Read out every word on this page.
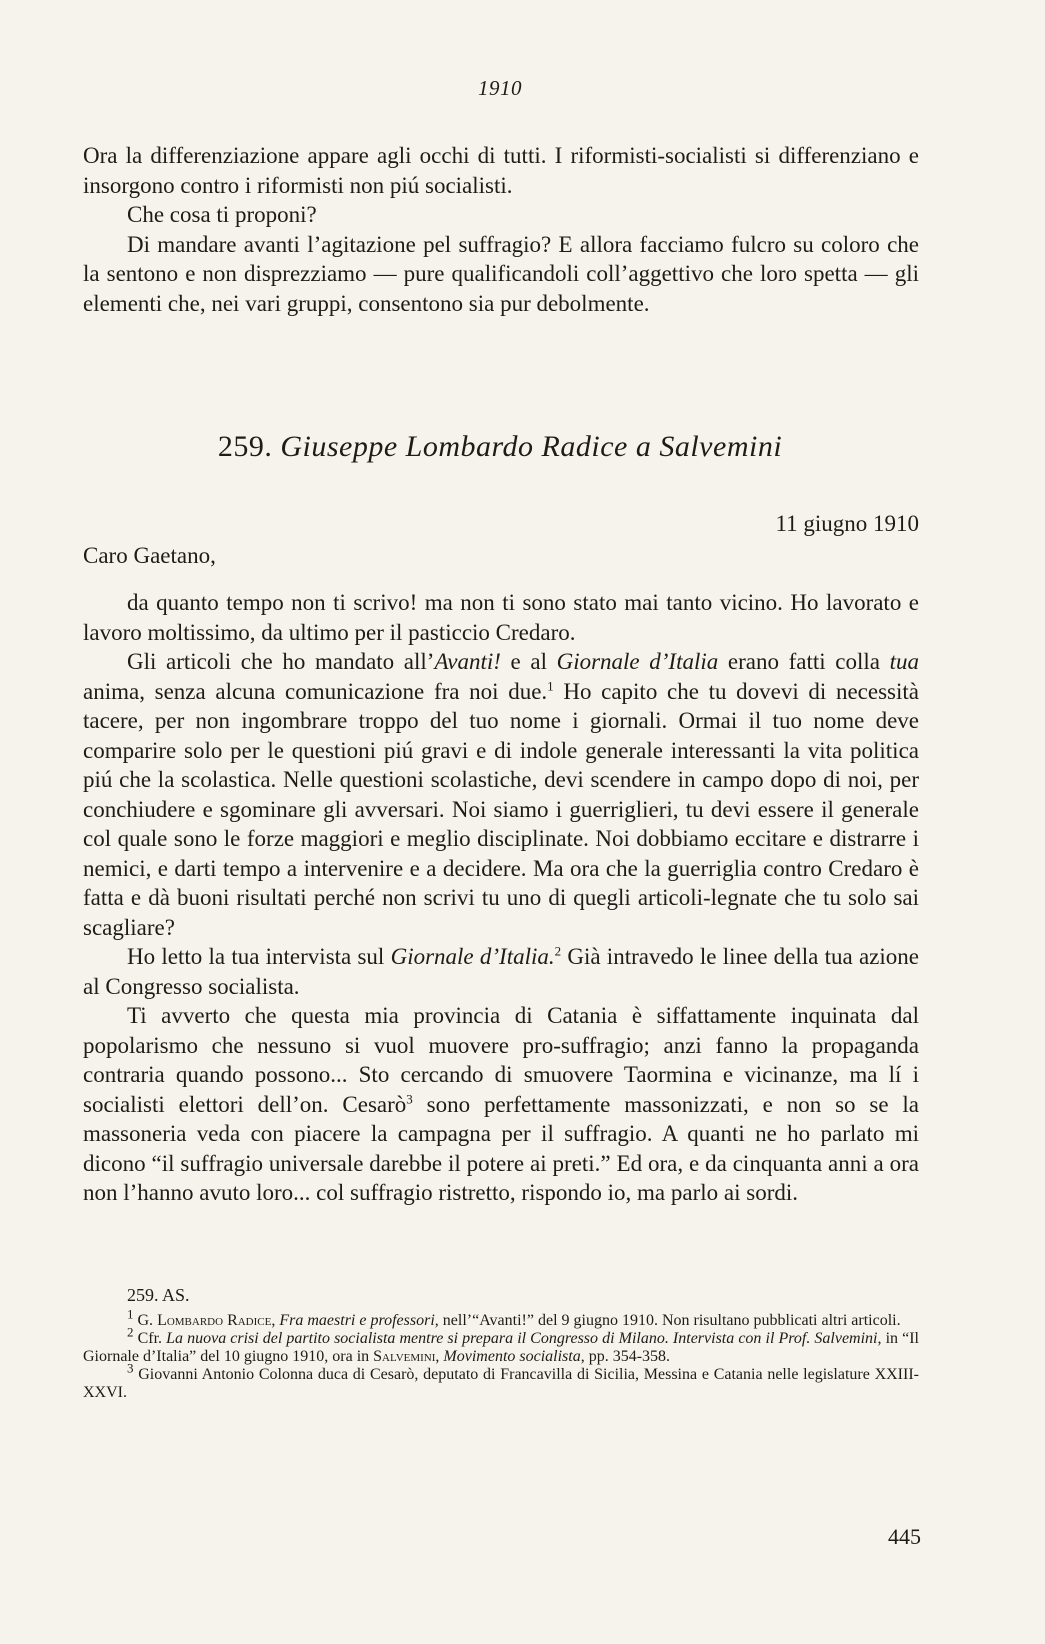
1910

Ora la differenziazione appare agli occhi di tutti. I riformisti-socialisti si differenziano e insorgono contro i riformisti non piú socialisti.

Che cosa ti proponi?

Di mandare avanti l’agitazione pel suffragio? E allora facciamo fulcro su coloro che la sentono e non disprezziamo — pure qualificandoli coll’aggettivo che loro spetta — gli elementi che, nei vari gruppi, consentono sia pur debolmente.

259. Giuseppe Lombardo Radice a Salvemini
11 giugno 1910
Caro Gaetano,

da quanto tempo non ti scrivo! ma non ti sono stato mai tanto vicino. Ho lavorato e lavoro moltissimo, da ultimo per il pasticcio Credaro.

Gli articoli che ho mandato all’Avanti! e al Giornale d’Italia erano fatti colla tua anima, senza alcuna comunicazione fra noi due.$^1$ Ho capito che tu dovevi di necessità tacere, per non ingombrare troppo del tuo nome i giornali. Ormai il tuo nome deve comparire solo per le questioni piú gravi e di indole generale interessanti la vita politica piú che la scolastica. Nelle questioni scolastiche, devi scendere in campo dopo di noi, per conchiudere e sgominare gli avversari. Noi siamo i guerriglieri, tu devi essere il generale col quale sono le forze maggiori e meglio disciplinate. Noi dobbiamo eccitare e distrarre i nemici, e darti tempo a intervenire e a decidere. Ma ora che la guerriglia contro Credaro è fatta e dà buoni risultati perché non scrivi tu uno di quegli articoli-legnate che tu solo sai scagliare?

Ho letto la tua intervista sul Giornale d’Italia.$^2$ Già intravedo le linee della tua azione al Congresso socialista.

Ti avverto che questa mia provincia di Catania è siffattamente inquinata dal popolarismo che nessuno si vuol muovere pro-suffragio; anzi fanno la propaganda contraria quando possono... Sto cercando di smuovere Taormina e vicinanze, ma lí i socialisti elettori dell’on. Cesarò$^3$ sono perfettamente massonizzati, e non so se la massoneria veda con piacere la campagna per il suffragio. A quanti ne ho parlato mi dicono “il suffragio universale darebbe il potere ai preti.” Ed ora, e da cinquanta anni a ora non l’hanno avuto loro... col suffragio ristretto, rispondo io, ma parlo ai sordi.

259. AS.

$^1$ G. Lombardo Radice, Fra maestri e professori, nell’“Avanti!” del 9 giugno 1910. Non risultano pubblicati altri articoli.

$^2$ Cfr. La nuova crisi del partito socialista mentre si prepara il Congresso di Milano. Intervista con il Prof. Salvemini, in “Il Giornale d’Italia” del 10 giugno 1910, ora in Salvemini, Movimento socialista, pp. 354-358.

$^3$ Giovanni Antonio Colonna duca di Cesarò, deputato di Francavilla di Sicilia, Messina e Catania nelle legislature XXIII-XXVI.

445
